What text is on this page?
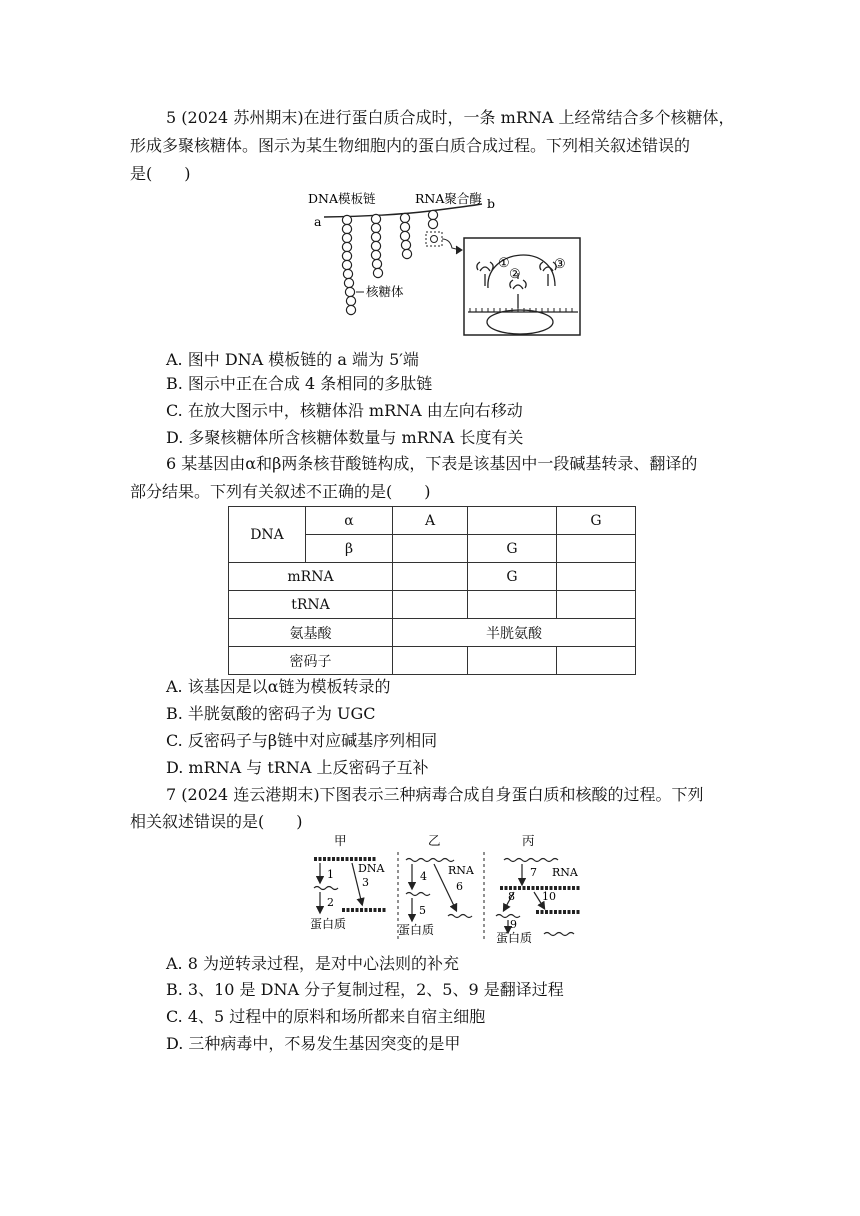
5 (2024 苏州期末)在进行蛋白质合成时，一条 mRNA 上经常结合多个核糖体，
形成多聚核糖体。图示为某生物细胞内的蛋白质合成过程。下列相关叙述错误的
是(　　)
DNA模板链	RNA聚合酶
a
b
核糖体
①
②
③
A. 图中 DNA 模板链的 a 端为 5′端
B. 图示中正在合成 4 条相同的多肽链
C. 在放大图示中，核糖体沿 mRNA 由左向右移动
D. 多聚核糖体所含核糖体数量与 mRNA 长度有关
6 某基因由α和β两条核苷酸链构成，下表是该基因中一段碱基转录、翻译的
部分结果。下列有关叙述不正确的是(　　)
DNA	α	A		G
	β		G	
mRNA			G	
tRNA				
氨基酸		半胱氨酸		
密码子				
A. 该基因是以α链为模板转录的
B. 半胱氨酸的密码子为 UGC
C. 反密码子与β链中对应碱基序列相同
D. mRNA 与 tRNA 上反密码子互补
7 (2024 连云港期末)下图表示三种病毒合成自身蛋白质和核酸的过程。下列
相关叙述错误的是(　　)
甲
1 DNA
3
2
蛋白质
乙
4 RNA
6
5
蛋白质
丙
7 RNA
8 10
9
蛋白质
A. 8 为逆转录过程，是对中心法则的补充
B. 3、10 是 DNA 分子复制过程，2、5、9 是翻译过程
C. 4、5 过程中的原料和场所都来自宿主细胞
D. 三种病毒中，不易发生基因突变的是甲
